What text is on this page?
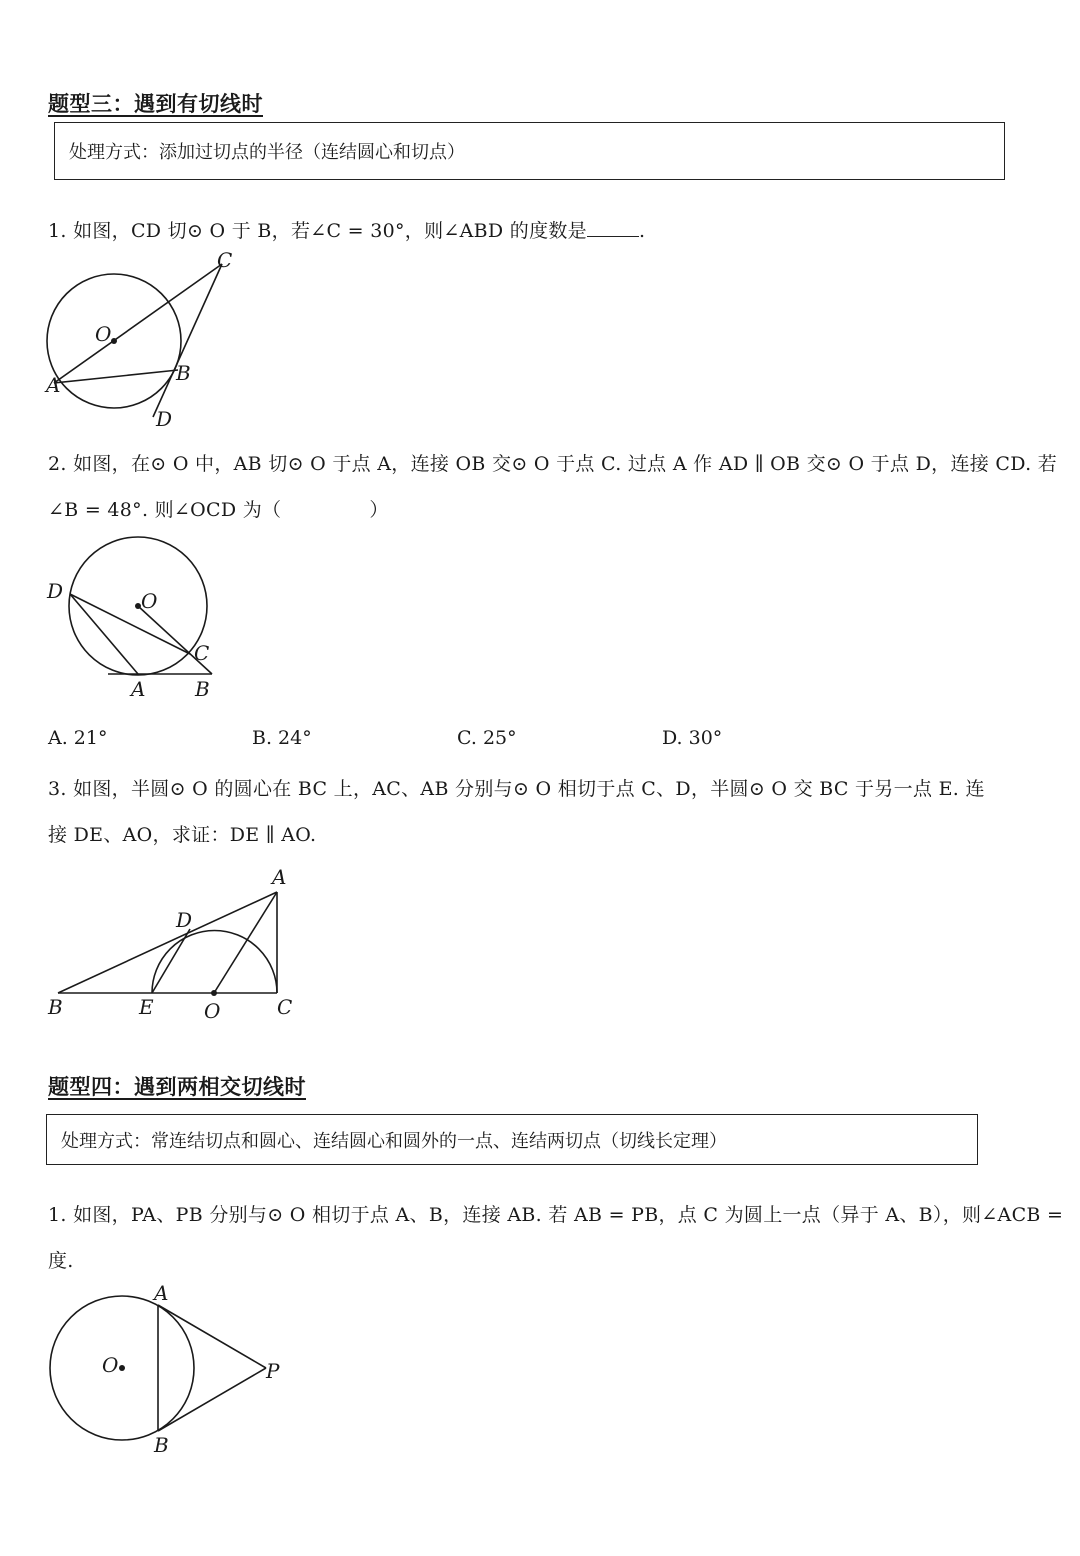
题型三：遇到有切线时
处理方式：添加过切点的半径（连结圆心和切点）
1. 如图，CD 切⊙ O 于 B，若∠C = 30°，则∠ABD 的度数是	.
C
O
A	B
D
2. 如图，在⊙ O 中，AB 切⊙ O 于点 A，连接 OB 交⊙ O 于点 C. 过点 A 作 AD ∥ OB 交⊙ O 于点 D，连接 CD. 若
∠B = 48°. 则∠OCD 为（	）
D	O
C
A B
A. 21°	B. 24°	C. 25°	D. 30°
3. 如图，半圆⊙ O 的圆心在 BC 上，AC、AB 分别与⊙ O 相切于点 C、D，半圆⊙ O 交 BC 于另一点 E. 连
接 DE、AO，求证：DE ∥ AO.
A
D
B	E	O	C
题型四：遇到两相交切线时
处理方式：常连结切点和圆心、连结圆心和圆外的一点、连结两切点（切线长定理）
1. 如图，PA、PB 分别与⊙ O 相切于点 A、B，连接 AB. 若 AB = PB，点 C 为圆上一点（异于 A、B），则∠ACB =
度.
A
O	P
B
